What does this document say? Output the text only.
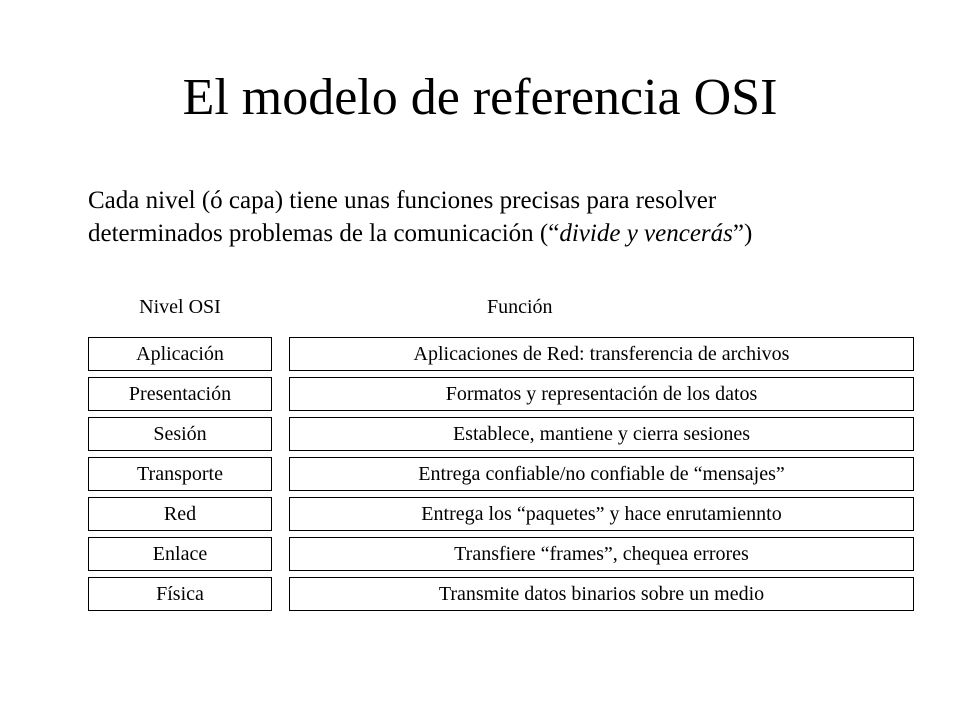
El modelo de referencia OSI

Cada nivel (ó capa) tiene unas funciones precisas para resolver
determinados problemas de la comunicación (“divide y vencerás”)

Nivel OSI	Función
Aplicación
Presentación
Sesión
Transporte
Red
Enlace
Física
Aplicaciones de Red: transferencia de archivos
Formatos y representación de los datos
Establece, mantiene y cierra sesiones
Entrega confiable/no confiable de “mensajes”
Entrega los “paquetes” y hace enrutamiennto
Transfiere “frames”, chequea errores
Transmite datos binarios sobre un medio
